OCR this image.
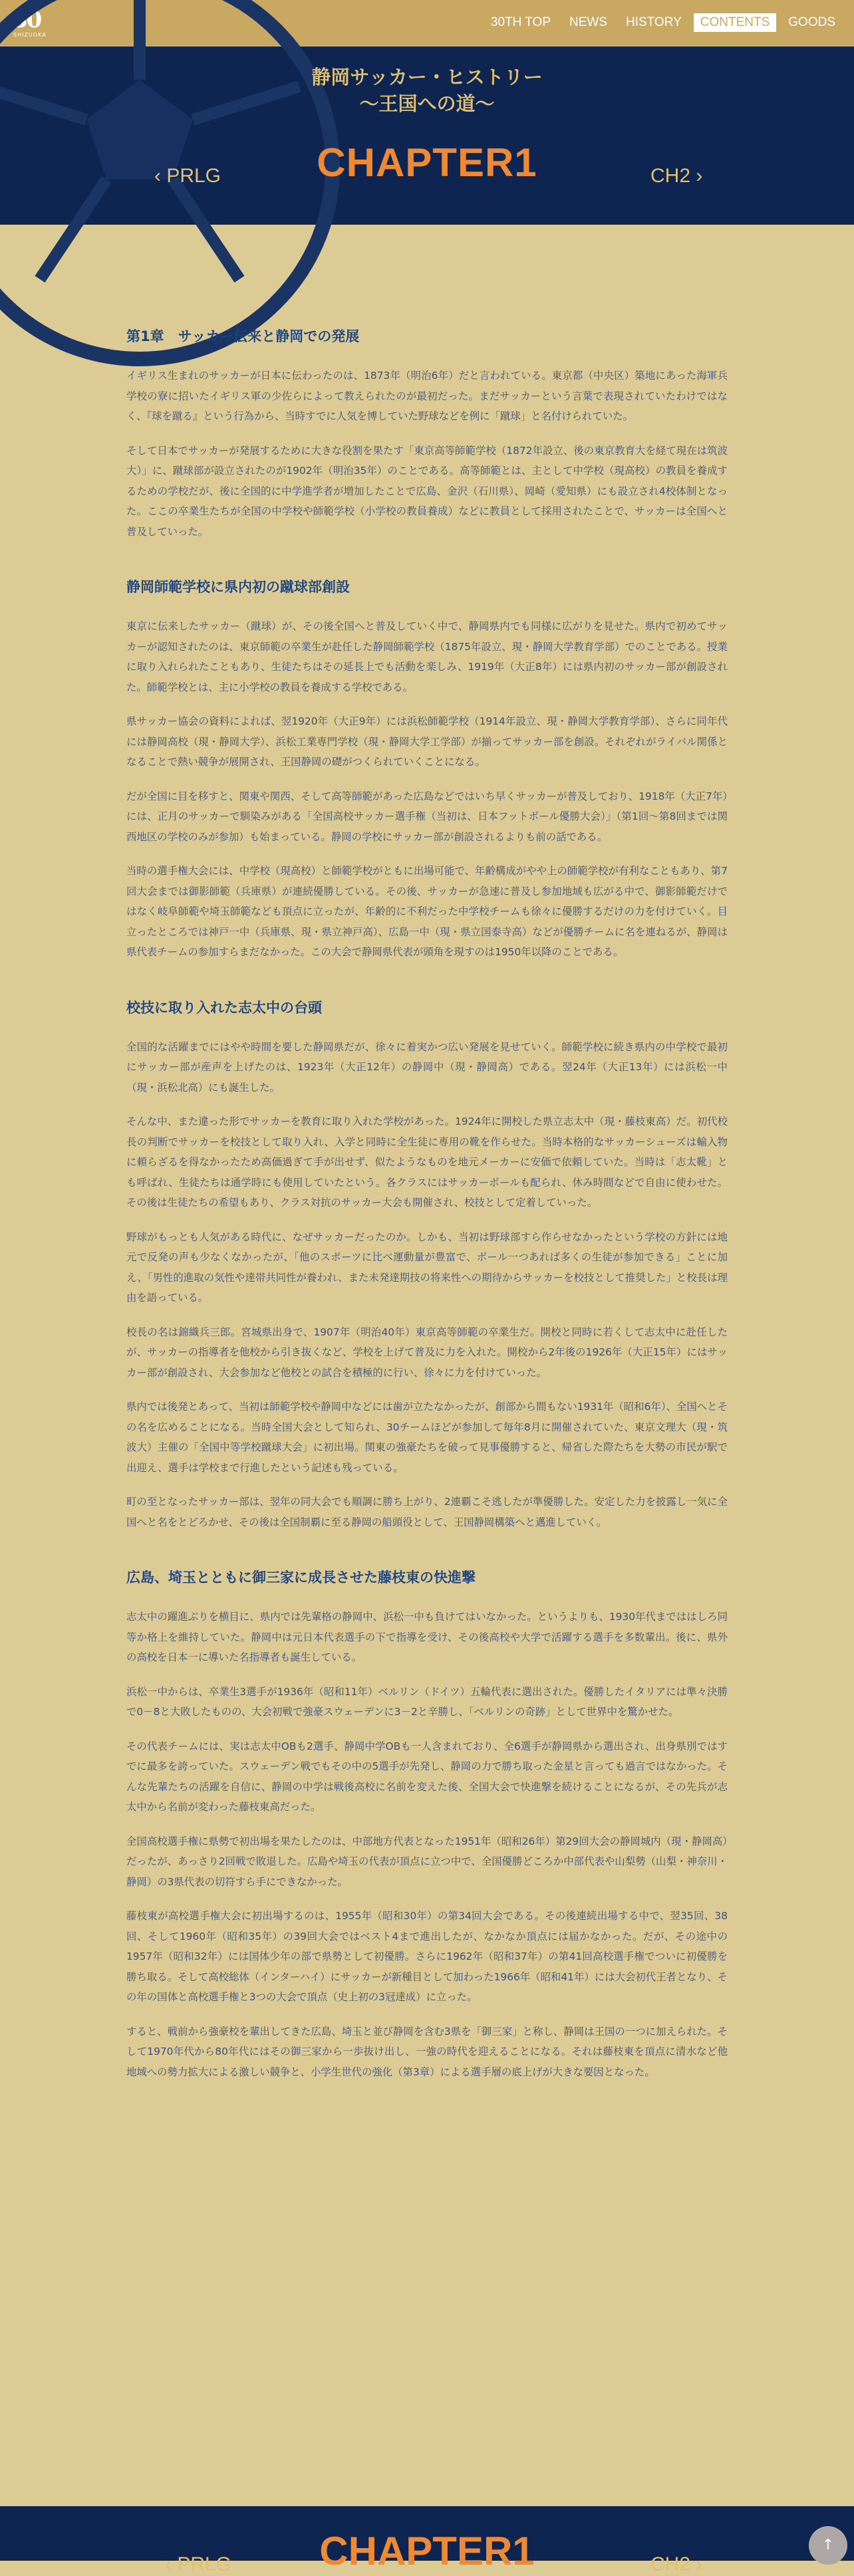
30
SHIZUOKA
30TH TOP	NEWS	HISTORY	CONTENTS	GOODS
静岡サッカー・ヒストリー
～王国への道～
CHAPTER1
‹ PRLG	CH2 ›
第1章　サッカー伝来と静岡での発展

イギリス生まれのサッカーが日本に伝わったのは、1873年（明治6年）だと言われている。東京都（中央区）築地にあった海軍兵学校の寮に招いたイギリス軍の少佐らによって教えられたのが最初だった。まだサッカーという言葉で表現されていたわけではなく、『球を蹴る』という行為から、当時すでに人気を博していた野球などを例に「蹴球」と名付けられていた。

そして日本でサッカーが発展するために大きな役割を果たす「東京高等師範学校（1872年設立、後の東京教育大を経て現在は筑波大）」に、蹴球部が設立されたのが1902年（明治35年）のことである。高等師範とは、主として中学校（現高校）の教員を養成するための学校だが、後に全国的に中学進学者が増加したことで広島、金沢（石川県）、岡崎（愛知県）にも設立され4校体制となった。ここの卒業生たちが全国の中学校や師範学校（小学校の教員養成）などに教員として採用されたことで、サッカーは全国へと普及していった。

静岡師範学校に県内初の蹴球部創設

東京に伝来したサッカー（蹴球）が、その後全国へと普及していく中で、静岡県内でも同様に広がりを見せた。県内で初めてサッカーが認知されたのは、東京師範の卒業生が赴任した静岡師範学校（1875年設立、現・静岡大学教育学部）でのことである。授業に取り入れられたこともあり、生徒たちはその延長上でも活動を楽しみ、1919年（大正8年）には県内初のサッカー部が創設された。師範学校とは、主に小学校の教員を養成する学校である。

県サッカー協会の資料によれば、翌1920年（大正9年）には浜松師範学校（1914年設立、現・静岡大学教育学部）、さらに同年代には静岡高校（現・静岡大学）、浜松工業専門学校（現・静岡大学工学部）が揃ってサッカー部を創設。それぞれがライバル関係となることで熱い競争が展開され、王国静岡の礎がつくられていくことになる。

だが全国に目を移すと、関東や関西、そして高等師範があった広島などではいち早くサッカーが普及しており、1918年（大正7年）には、正月のサッカーで馴染みがある「全国高校サッカー選手権（当初は、日本フットボール優勝大会）」（第1回～第8回までは関西地区の学校のみが参加）も始まっている。静岡の学校にサッカー部が創設されるよりも前の話である。

当時の選手権大会には、中学校（現高校）と師範学校がともに出場可能で、年齢構成がやや上の師範学校が有利なこともあり、第7回大会までは御影師範（兵庫県）が連続優勝している。その後、サッカーが急速に普及し参加地域も広がる中で、御影師範だけではなく岐阜師範や埼玉師範なども頂点に立ったが、年齢的に不利だった中学校チームも徐々に優勝するだけの力を付けていく。目立ったところでは神戸一中（兵庫県、現・県立神戸高）、広島一中（現・県立国泰寺高）などが優勝チームに名を連ねるが、静岡は県代表チームの参加すらまだなかった。この大会で静岡県代表が頭角を現すのは1950年以降のことである。

校技に取り入れた志太中の台頭

全国的な活躍までにはやや時間を要した静岡県だが、徐々に着実かつ広い発展を見せていく。師範学校に続き県内の中学校で最初にサッカー部が産声を上げたのは、1923年（大正12年）の静岡中（現・静岡高）である。翌24年（大正13年）には浜松一中（現・浜松北高）にも誕生した。

そんな中、また違った形でサッカーを教育に取り入れた学校があった。1924年に開校した県立志太中（現・藤枝東高）だ。初代校長の判断でサッカーを校技として取り入れ、入学と同時に全生徒に専用の靴を作らせた。当時本格的なサッカーシューズは輸入物に頼らざるを得なかったため高価過ぎて手が出せず、似たようなものを地元メーカーに安価で依頼していた。当時は「志太靴」とも呼ばれ、生徒たちは通学時にも使用していたという。各クラスにはサッカーボールも配られ、休み時間などで自由に使わせた。その後は生徒たちの希望もあり、クラス対抗のサッカー大会も開催され、校技として定着していった。

野球がもっとも人気がある時代に、なぜサッカーだったのか。しかも、当初は野球部すら作らせなかったという学校の方針には地元で反発の声も少なくなかったが、「他のスポーツに比べ運動量が豊富で、ボール一つあれば多くの生徒が参加できる」ことに加え、「男性的進取の気性や達帯共同性が養われ、また未発達期技の将来性への期待からサッカーを校技として推奨した」と校長は理由を語っている。

校長の名は錦織兵三郎。宮城県出身で、1907年（明治40年）東京高等師範の卒業生だ。開校と同時に若くして志太中に赴任したが、サッカーの指導者を他校から引き抜くなど、学校を上げて普及に力を入れた。開校から2年後の1926年（大正15年）にはサッカー部が創設され、大会参加など他校との試合を積極的に行い、徐々に力を付けていった。

県内では後発とあって、当初は師範学校や静岡中などには歯が立たなかったが、創部から間もない1931年（昭和6年）、全国へとその名を広めることになる。当時全国大会として知られ、30チームほどが参加して毎年8月に開催されていた、東京文理大（現・筑波大）主催の「全国中等学校蹴球大会」に初出場。関東の強豪たちを破って見事優勝すると、帰省した際たちを大勢の市民が駅で出迎え、選手は学校まで行進したという記述も残っている。

町の至となったサッカー部は、翌年の同大会でも順調に勝ち上がり、2連覇こそ逃したが準優勝した。安定した力を披露し一気に全国へと名をとどろかせ、その後は全国制覇に至る静岡の船頭役として、王国静岡構築へと邁進していく。

広島、埼玉とともに御三家に成長させた藤枝東の快進撃

志太中の躍進ぶりを横目に、県内では先輩格の静岡中、浜松一中も負けてはいなかった。というよりも、1930年代までははしろ同等か格上を維持していた。静岡中は元日本代表選手の下で指導を受け、その後高校や大学で活躍する選手を多数輩出。後に、県外の高校を日本一に導いた名指導者も誕生している。

浜松一中からは、卒業生3選手が1936年（昭和11年）ベルリン（ドイツ）五輪代表に選出された。優勝したイタリアには準々決勝で0－8と大敗したものの、大会初戦で強豪スウェーデンに3－2と辛勝し、「ベルリンの奇跡」として世界中を驚かせた。

その代表チームには、実は志太中OBも2選手、静岡中学OBも一人含まれており、全6選手が静岡県から選出され、出身県別ではすでに最多を誇っていた。スウェーデン戦でもその中の5選手が先発し、静岡の力で勝ち取った金星と言っても過言ではなかった。そんな先輩たちの活躍を自信に、静岡の中学は戦後高校に名前を変えた後、全国大会で快進撃を続けることになるが、その先兵が志太中から名前が変わった藤枝東高だった。

全国高校選手権に県勢で初出場を果たしたのは、中部地方代表となった1951年（昭和26年）第29回大会の静岡城内（現・静岡高）だったが、あっさり2回戦で敗退した。広島や埼玉の代表が頂点に立つ中で、全国優勝どころか中部代表や山梨勢（山梨・神奈川・静岡）の3県代表の切符すら手にできなかった。

藤枝東が高校選手権大会に初出場するのは、1955年（昭和30年）の第34回大会である。その後連続出場する中で、翌35回、38回、そして1960年（昭和35年）の39回大会ではベスト4まで進出したが、なかなか頂点には届かなかった。だが、その途中の1957年（昭和32年）には国体少年の部で県勢として初優勝。さらに1962年（昭和37年）の第41回高校選手権でついに初優勝を勝ち取る。そして高校総体（インターハイ）にサッカーが新種目として加わった1966年（昭和41年）には大会初代王者となり、その年の国体と高校選手権と3つの大会で頂点（史上初の3冠達成）に立った。

すると、戦前から強豪校を輩出してきた広島、埼玉と並び静岡を含む3県を「御三家」と称し、静岡は王国の一つに加えられた。そして1970年代から80年代にはその御三家から一歩抜け出し、一強の時代を迎えることになる。それは藤枝東を頂点に清水など他地域への勢力拡大による激しい競争と、小学生世代の強化（第3章）による選手層の底上げが大きな要因となった。

CHAPTER1
‹ PRLG	CH2 ›
↑
